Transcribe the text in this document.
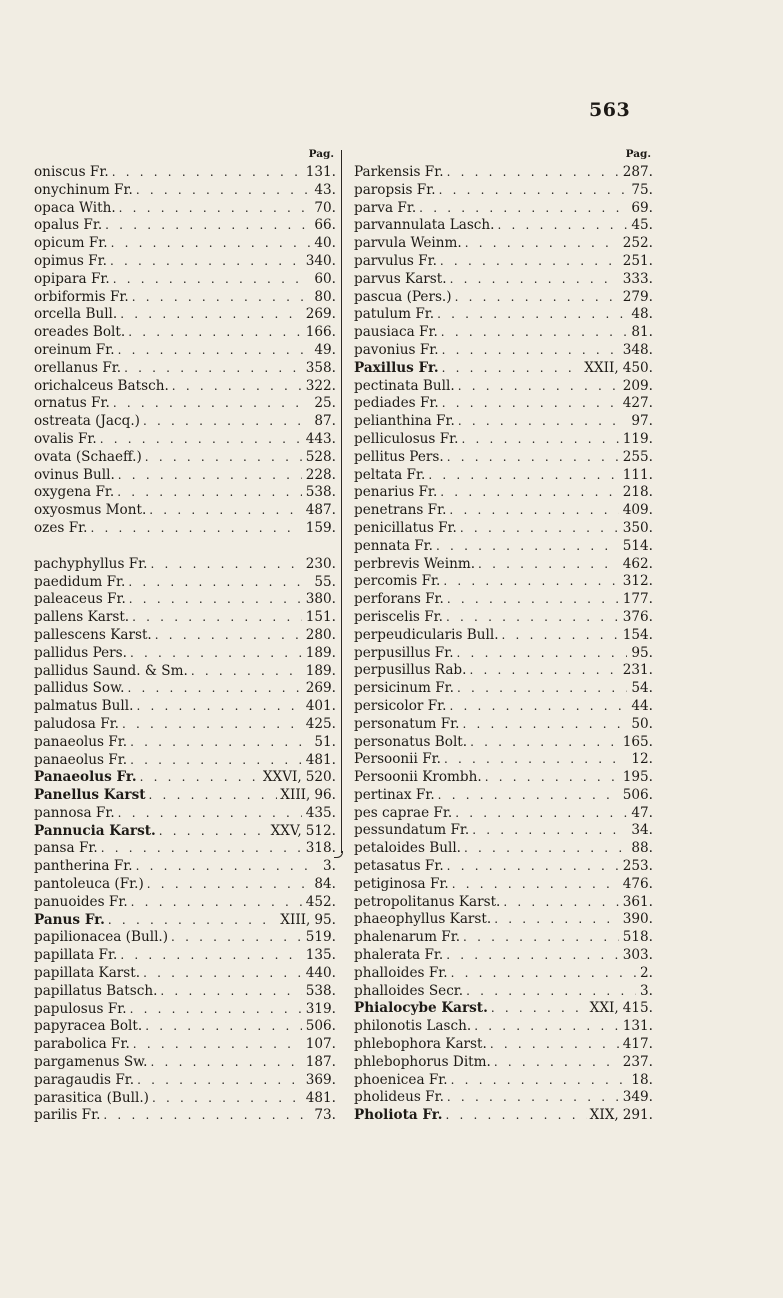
563
Pag.
oniscus Fr. . . .	131.
onychinum Fr. . . .	43.
opaca With. . . .	70.
opalus Fr. . . .	66.
opicum Fr. . . .	40.
opimus Fr. . . .	340.
opipara Fr. . . .	60.
orbiformis Fr. . . .	80.
orcella Bull. . . .	269.
oreades Bolt. . . .	166.
oreinum Fr. . . .	49.
orellanus Fr. . . .	358.
orichalceus Batsch. . . .	322.
ornatus Fr. . . .	25.
ostreata (Jacq.) . . .	87.
ovalis Fr. . . .	443.
ovata (Schaeff.) . . .	528.
ovinus Bull. . . .	228.
oxygena Fr. . . .	538.
oxyosmus Mont. . . .	487.
ozes Fr. . . .	159.
pachyphyllus Fr. . . .	230.
paedidum Fr. . . .	55.
paleaceus Fr. . . .	380.
pallens Karst. . . .	151.
pallescens Karst. . . .	280.
pallidus Pers. . . .	189.
pallidus Saund. & Sm. . . .	189.
pallidus Sow. . . .	269.
palmatus Bull. . . .	401.
paludosa Fr. . . .	425.
panaeolus Fr. . . .	51.
panaeolus Fr. . . .	481.
Panaeolus Fr. . . .	XXVI, 520.
Panellus Karst . . .	XIII, 96.
pannosa Fr. . . .	435.
Pannucia Karst. . . .	XXV, 512.
pansa Fr. . . .	318.
pantherina Fr. . . .	3.
pantoleuca (Fr.) . . .	84.
panuoides Fr. . . .	452.
Panus Fr. . . .	XIII, 95.
papilionacea (Bull.) . . .	519.
papillata Fr. . . .	135.
papillata Karst. . . .	440.
papillatus Batsch. . . .	538.
papulosus Fr. . . .	319.
papyracea Bolt. . . .	506.
parabolica Fr. . . .	107.
pargamenus Sw. . . .	187.
paragaudis Fr. . . .	369.
parasitica (Bull.) . . .	481.
parilis Fr. . . .	73.
Pag.
Parkensis Fr. . . .	287.
paropsis Fr. . . .	75.
parva Fr. . . .	69.
parvannulata Lasch. . . .	45.
parvula Weinm. . . .	252.
parvulus Fr. . . .	251.
parvus Karst. . . .	333.
pascua (Pers.) . . .	279.
patulum Fr. . . .	48.
pausiaca Fr. . . .	81.
pavonius Fr. . . .	348.
Paxillus Fr. . . .	XXII, 450.
pectinata Bull. . . .	209.
pediades Fr. . . .	427.
pelianthina Fr. . . .	97.
pelliculosus Fr. . . .	119.
pellitus Pers. . . .	255.
peltata Fr. . . .	111.
penarius Fr. . . .	218.
penetrans Fr. . . .	409.
penicillatus Fr. . . .	350.
pennata Fr. . . .	514.
perbrevis Weinm. . . .	462.
percomis Fr. . . .	312.
perforans Fr. . . .	177.
periscelis Fr. . . .	376.
perpeudicularis Bull. . . .	154.
perpusillus Fr. . . .	95.
perpusillus Rab. . . .	231.
persicinum Fr. . . .	54.
persicolor Fr. . . .	44.
personatum Fr. . . .	50.
personatus Bolt. . . .	165.
Persoonii Fr. . . .	12.
Persoonii Krombh. . . .	195.
pertinax Fr. . . .	506.
pes caprae Fr. . . .	47.
pessundatum Fr. . . .	34.
petaloides Bull. . . .	88.
petasatus Fr. . . .	253.
petiginosa Fr. . . .	476.
petropolitanus Karst. . . .	361.
phaeophyllus Karst. . . .	390.
phalenarum Fr. . . .	518.
phalerata Fr. . . .	303.
phalloides Fr. . . .	2.
phalloides Secr. . . .	3.
Phialocybe Karst. . . .	XXI, 415.
philonotis Lasch. . . .	131.
phlebophora Karst. . . .	417.
phlebophorus Ditm. . . .	237.
phoenicea Fr. . . .	18.
pholideus Fr. . . .	349.
Pholiota Fr. . . .	XIX, 291.
